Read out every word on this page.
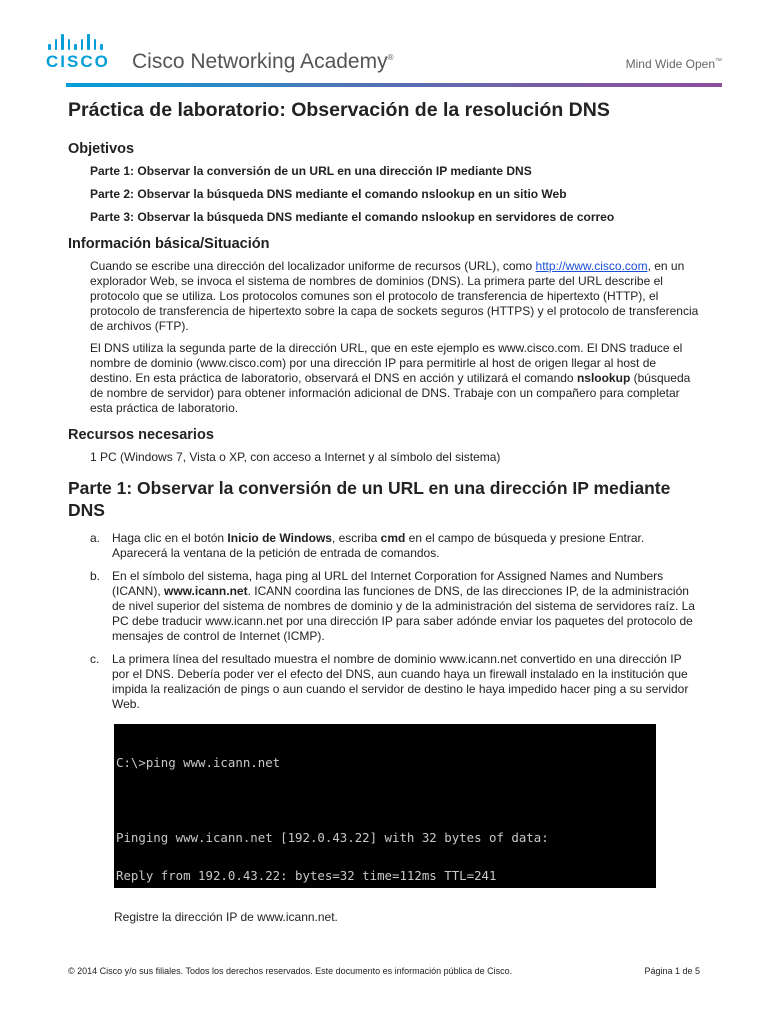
CISCO Cisco Networking Academy®	Mind Wide Open™
Práctica de laboratorio: Observación de la resolución DNS
Objetivos
Parte 1: Observar la conversión de un URL en una dirección IP mediante DNS
Parte 2: Observar la búsqueda DNS mediante el comando nslookup en un sitio Web
Parte 3: Observar la búsqueda DNS mediante el comando nslookup en servidores de correo
Información básica/Situación

Cuando se escribe una dirección del localizador uniforme de recursos (URL), como http://www.cisco.com, en un explorador Web, se invoca el sistema de nombres de dominios (DNS). La primera parte del URL describe el protocolo que se utiliza. Los protocolos comunes son el protocolo de transferencia de hipertexto (HTTP), el protocolo de transferencia de hipertexto sobre la capa de sockets seguros (HTTPS) y el protocolo de transferencia de archivos (FTP).

El DNS utiliza la segunda parte de la dirección URL, que en este ejemplo es www.cisco.com. El DNS traduce el nombre de dominio (www.cisco.com) por una dirección IP para permitirle al host de origen llegar al host de destino. En esta práctica de laboratorio, observará el DNS en acción y utilizará el comando nslookup (búsqueda de nombre de servidor) para obtener información adicional de DNS. Trabaje con un compañero para completar esta práctica de laboratorio.

Recursos necesarios

1 PC (Windows 7, Vista o XP, con acceso a Internet y al símbolo del sistema)

Parte 1: Observar la conversión de un URL en una dirección IP mediante DNS
a. Haga clic en el botón Inicio de Windows, escriba cmd en el campo de búsqueda y presione Entrar. Aparecerá la ventana de la petición de entrada de comandos.
b. En el símbolo del sistema, haga ping al URL del Internet Corporation for Assigned Names and Numbers (ICANN), www.icann.net. ICANN coordina las funciones de DNS, de las direcciones IP, de la administración de nivel superior del sistema de nombres de dominio y de la administración del sistema de servidores raíz. La PC debe traducir www.icann.net por una dirección IP para saber adónde enviar los paquetes del protocolo de mensajes de control de Internet (ICMP).
c.	La primera línea del resultado muestra el nombre de dominio www.icann.net convertido en una dirección IP por el DNS. Debería poder ver el efecto del DNS, aun cuando haya un firewall instalado en la institución que impida la realización de pings o aun cuando el servidor de destino le haya impedido hacer ping a su servidor Web.

C:\>ping www.icann.net

Pinging www.icann.net [192.0.43.22] with 32 bytes of data:

Reply from 192.0.43.22: bytes=32 time=112ms TTL=241

Registre la dirección IP de www.icann.net.

© 2014 Cisco y/o sus filiales. Todos los derechos reservados. Este documento es información pública de Cisco.	Página 1 de 5
